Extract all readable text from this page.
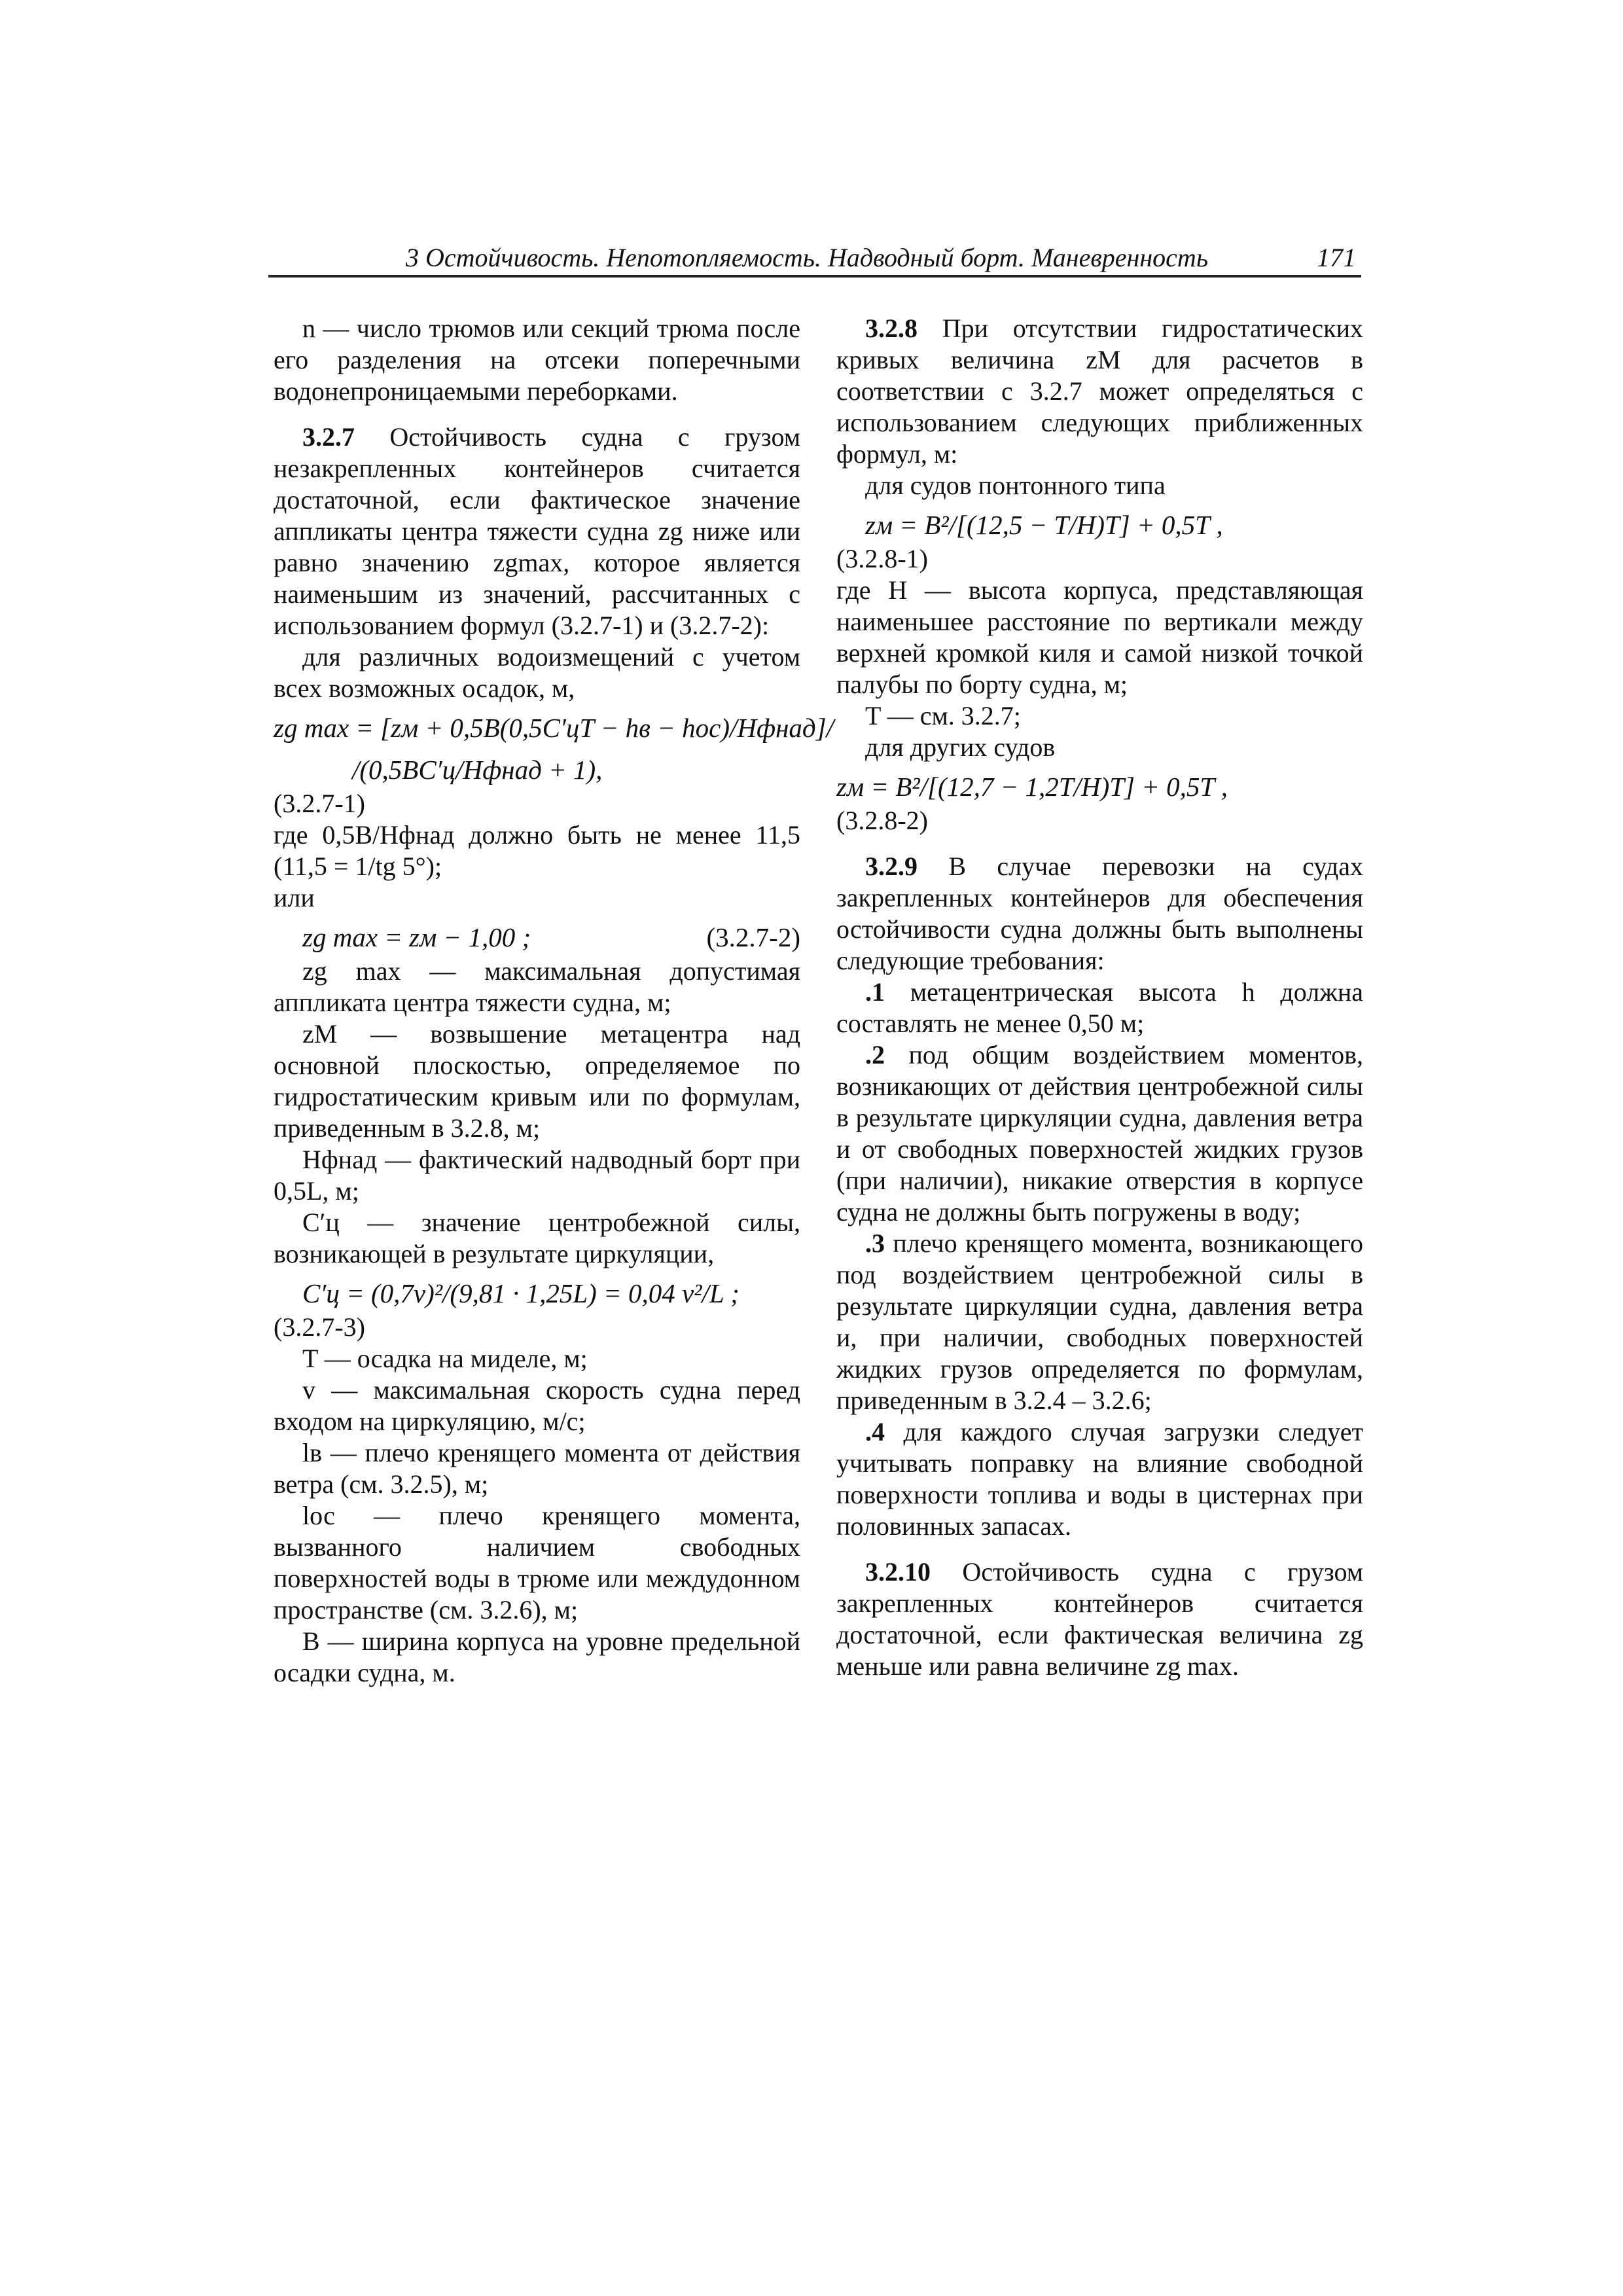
3 Остойчивость. Непотопляемость. Надводный борт. Маневренность	171

n — число трюмов или секций трюма после его разделения на отсеки поперечными водонепроницаемыми переборками.

3.2.7 Остойчивость судна с грузом незакрепленных контейнеров считается достаточной, если фактическое значение аппликаты центра тяжести судна zg ниже или равно значению zgmax, которое является наименьшим из значений, рассчитанных с использованием формул (3.2.7-1) и (3.2.7-2):

для различных водоизмещений с учетом всех возможных осадок, м,

zg max = [zм + 0,5B(0,5C′цT − hв − hос)/Hфнад]/
/(0,5BC′ц/Hфнад + 1),

(3.2.7-1)

где 0,5B/Hфнад должно быть не менее 11,5 (11,5 = 1/tg 5°);

или

zg max = zм − 1,00 ;	(3.2.7-2)

zg max — максимальная допустимая аппликата центра тяжести судна, м;

zM — возвышение метацентра над основной плоскостью, определяемое по гидростатическим кривым или по формулам, приведенным в 3.2.8, м;

Hфнад — фактический надводный борт при 0,5L, м;

C′ц — значение центробежной силы, возникающей в результате циркуляции,

C′ц = (0,7v)²/(9,81 · 1,25L) = 0,04 v²/L ;

(3.2.7-3)

T — осадка на миделе, м;

v — максимальная скорость судна перед входом на циркуляцию, м/с;

lв — плечо кренящего момента от действия ветра (см. 3.2.5), м;

lос — плечо кренящего момента, вызванного наличием свободных поверхностей воды в трюме или междудонном пространстве (см. 3.2.6), м;

B — ширина корпуса на уровне предельной осадки судна, м.

3.2.8 При отсутствии гидростатических кривых величина zM для расчетов в соответствии с 3.2.7 может определяться с использованием следующих приближенных формул, м:

для судов понтонного типа

zм = B²/[(12,5 − T/H)T] + 0,5T ,

(3.2.8-1)

где H — высота корпуса, представляющая наименьшее расстояние по вертикали между верхней кромкой киля и самой низкой точкой палубы по борту судна, м;

T — см. 3.2.7;

для других судов

zм = B²/[(12,7 − 1,2T/H)T] + 0,5T ,

(3.2.8-2)

3.2.9 В случае перевозки на судах закрепленных контейнеров для обеспечения остойчивости судна должны быть выполнены следующие требования:

.1 метацентрическая высота h должна составлять не менее 0,50 м;

.2 под общим воздействием моментов, возникающих от действия центробежной силы в результате циркуляции судна, давления ветра и от свободных поверхностей жидких грузов (при наличии), никакие отверстия в корпусе судна не должны быть погружены в воду;

.3 плечо кренящего момента, возникающего под воздействием центробежной силы в результате циркуляции судна, давления ветра и, при наличии, свободных поверхностей жидких грузов определяется по формулам, приведенным в 3.2.4 – 3.2.6;

.4 для каждого случая загрузки следует учитывать поправку на влияние свободной поверхности топлива и воды в цистернах при половинных запасах.

3.2.10 Остойчивость судна с грузом закрепленных контейнеров считается достаточной, если фактическая величина zg меньше или равна величине zg max.
